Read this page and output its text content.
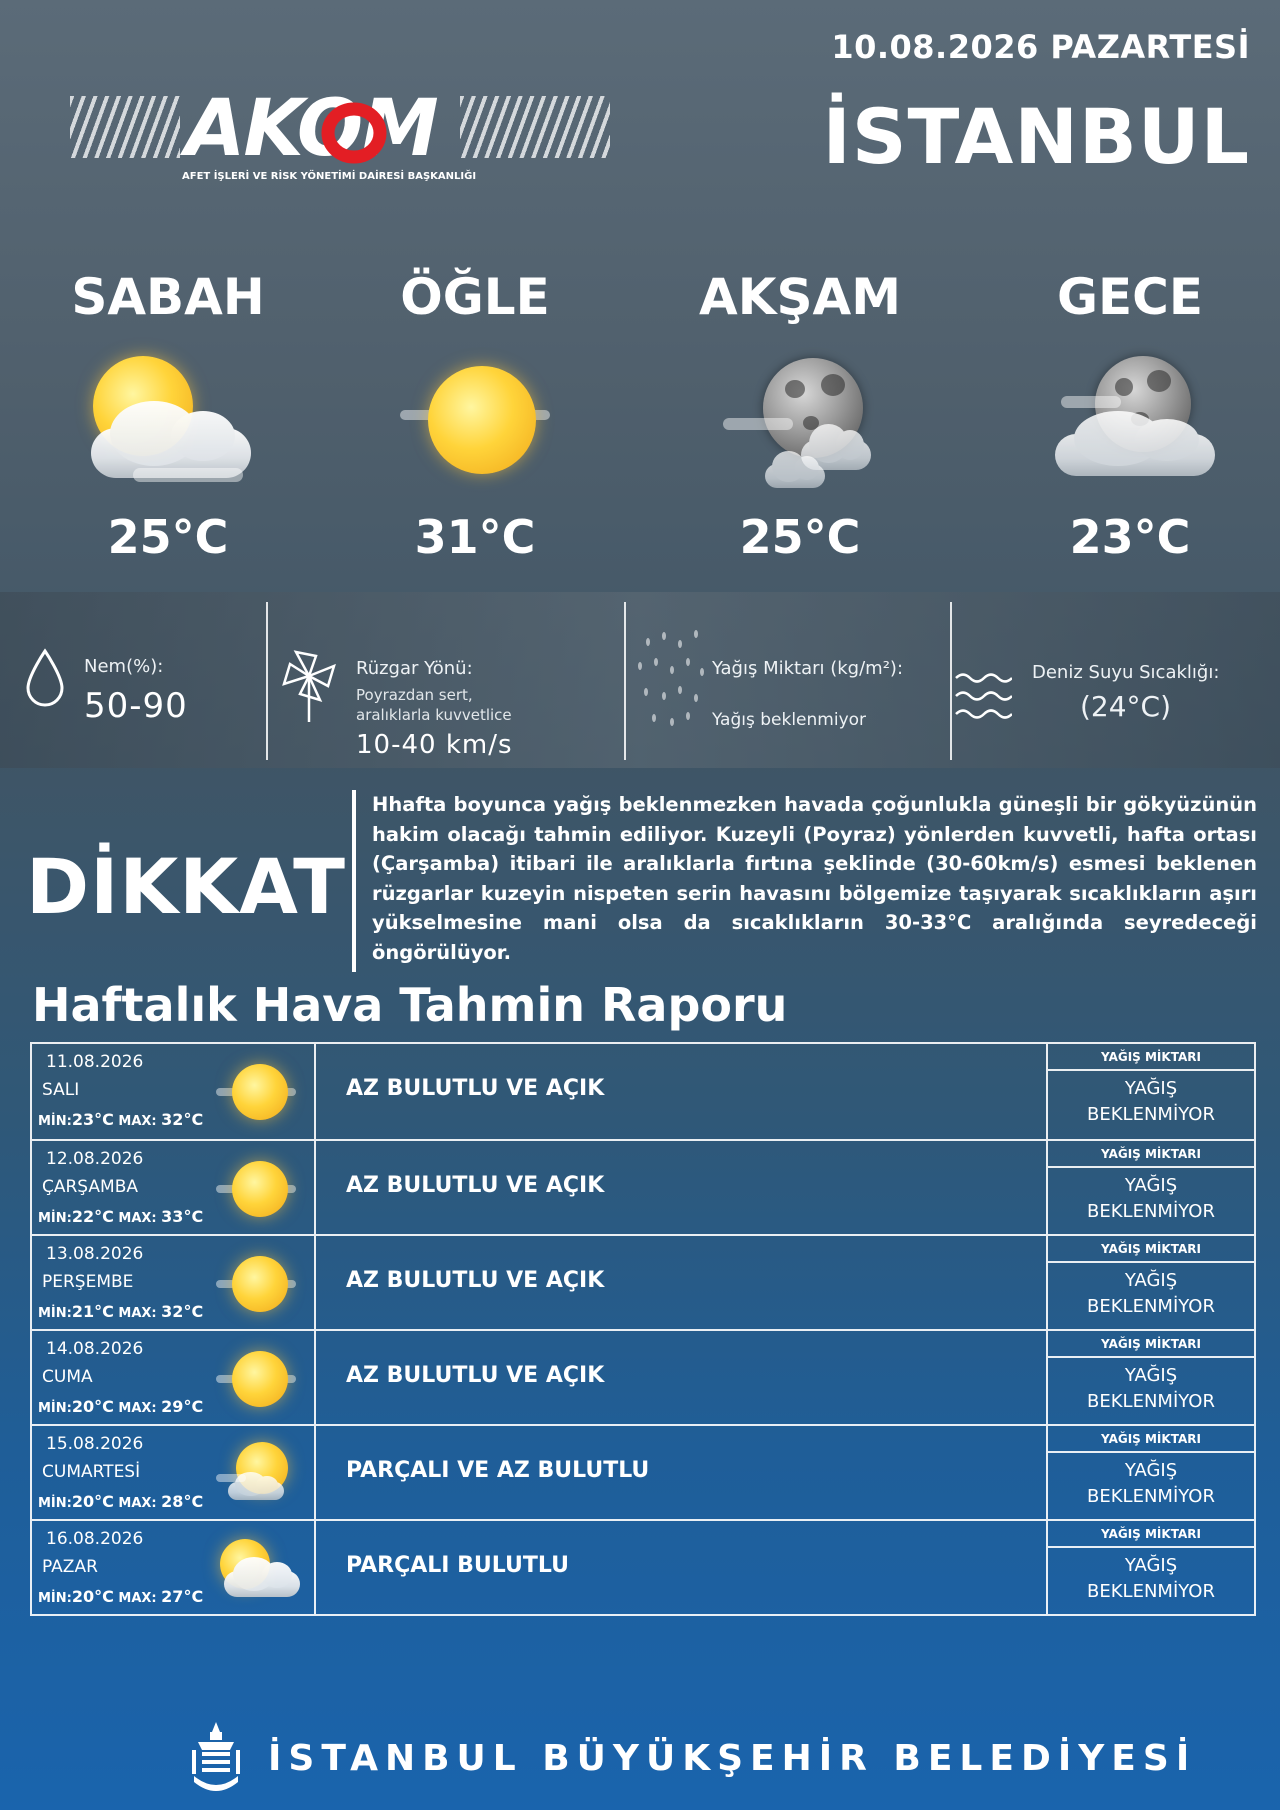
10.08.2026 PAZARTESİ
İSTANBUL
AKOM
AFET İŞLERİ VE RİSK YÖNETİMİ DAİRESİ BAŞKANLIĞI
SABAH
25°C
ÖĞLE
31°C
AKŞAM
25°C
GECE
23°C
Nem(%):
50-90
Rüzgar Yönü:
Poyrazdan sert,
aralıklarla kuvvetlice
10-40 km/s
Yağış Miktarı (kg/m²):
Yağış beklenmiyor
Deniz Suyu Sıcaklığı:
(24°C)
DİKKAT
Hhafta boyunca yağış beklenmezken havada çoğunlukla güneşli bir gökyüzünün hakim olacağı tahmin ediliyor. Kuzeyli (Poyraz) yönlerden kuvvetli, hafta ortası (Çarşamba) itibari ile aralıklarla fırtına şeklinde (30-60km/s) esmesi beklenen rüzgarlar kuzeyin nispeten serin havasını bölgemize taşıyarak sıcaklıkların aşırı yükselmesine mani olsa da sıcaklıkların 30-33°C aralığında seyredeceği öngörülüyor.
Haftalık Hava Tahmin Raporu
11.08.2026
SALI
MİN:23°C MAX: 32°C
AZ BULUTLU VE AÇIK
YAĞIŞ MİKTARI
YAĞIŞ
BEKLENMİYOR
12.08.2026
ÇARŞAMBA
MİN:22°C MAX: 33°C
AZ BULUTLU VE AÇIK
YAĞIŞ MİKTARI
YAĞIŞ
BEKLENMİYOR
13.08.2026
PERŞEMBE
MİN:21°C MAX: 32°C
AZ BULUTLU VE AÇIK
YAĞIŞ MİKTARI
YAĞIŞ
BEKLENMİYOR
14.08.2026
CUMA
MİN:20°C MAX: 29°C
AZ BULUTLU VE AÇIK
YAĞIŞ MİKTARI
YAĞIŞ
BEKLENMİYOR
15.08.2026
CUMARTESİ
MİN:20°C MAX: 28°C
PARÇALI VE AZ BULUTLU
YAĞIŞ MİKTARI
YAĞIŞ
BEKLENMİYOR
16.08.2026
PAZAR
MİN:20°C MAX: 27°C
PARÇALI BULUTLU
YAĞIŞ MİKTARI
YAĞIŞ
BEKLENMİYOR
İSTANBUL BÜYÜKŞEHİR BELEDİYESİ
